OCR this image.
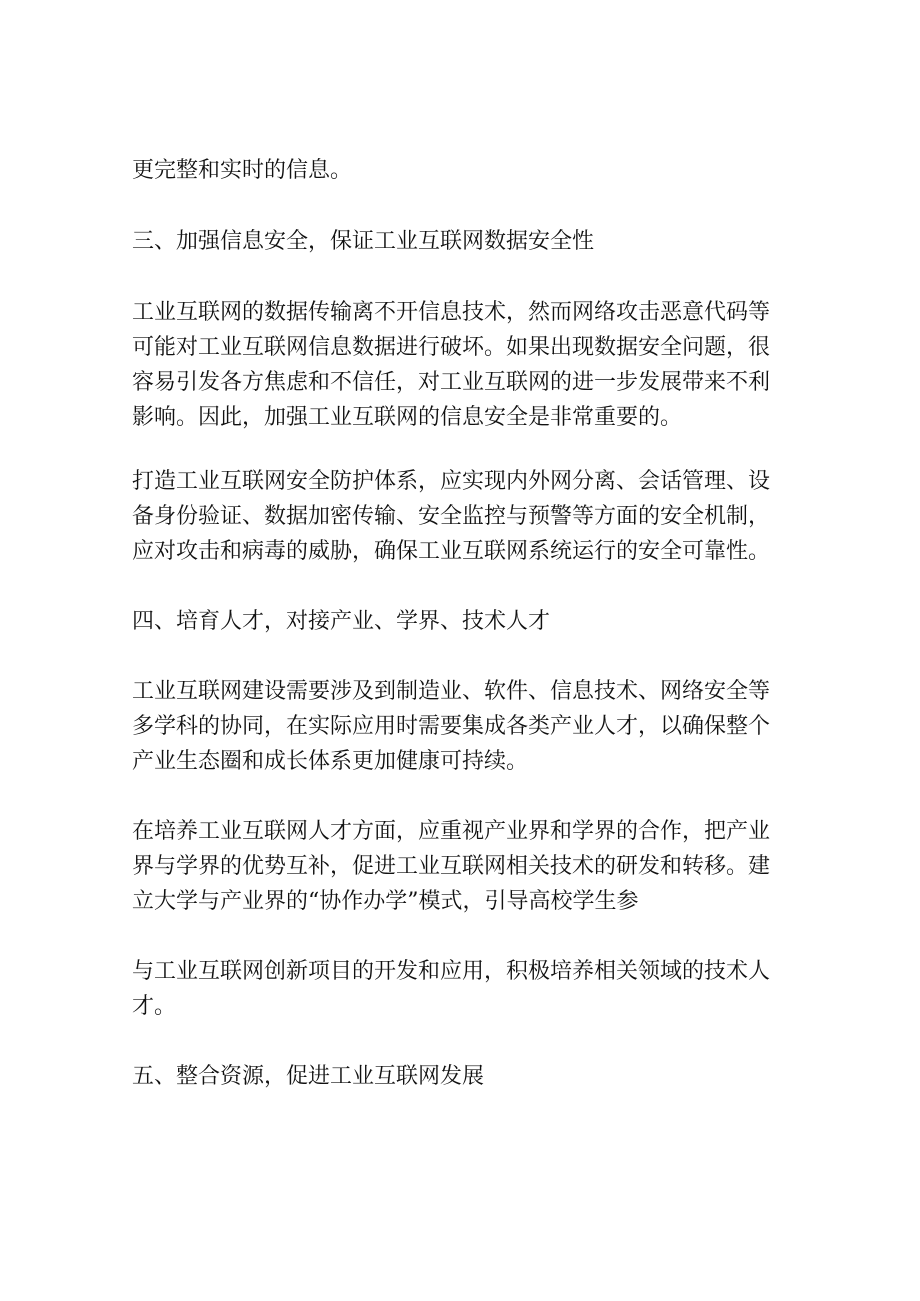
更完整和实时的信息。

三、加强信息安全，保证工业互联网数据安全性

工业互联网的数据传输离不开信息技术，然而网络攻击恶意代码等

可能对工业互联网信息数据进行破坏。如果出现数据安全问题，很

容易引发各方焦虑和不信任，对工业互联网的进一步发展带来不利

影响。因此，加强工业互联网的信息安全是非常重要的。

打造工业互联网安全防护体系，应实现内外网分离、会话管理、设

备身份验证、数据加密传输、安全监控与预警等方面的安全机制，

应对攻击和病毒的威胁，确保工业互联网系统运行的安全可靠性。

四、培育人才，对接产业、学界、技术人才

工业互联网建设需要涉及到制造业、软件、信息技术、网络安全等

多学科的协同，在实际应用时需要集成各类产业人才，以确保整个

产业生态圈和成长体系更加健康可持续。

在培养工业互联网人才方面，应重视产业界和学界的合作，把产业

界与学界的优势互补，促进工业互联网相关技术的研发和转移。建

立大学与产业界的“协作办学”模式，引导高校学生参

与工业互联网创新项目的开发和应用，积极培养相关领域的技术人

才。

五、整合资源，促进工业互联网发展
